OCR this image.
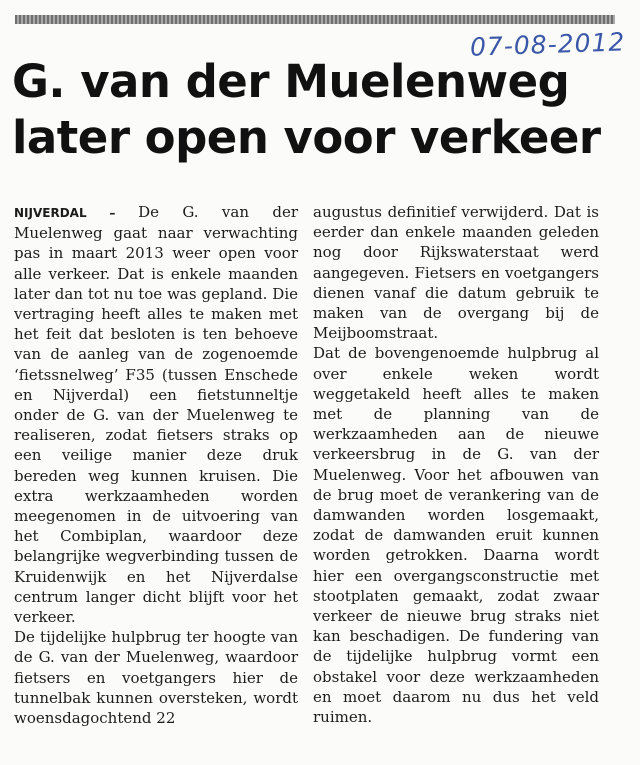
07-08-2012
G. van der Muelenweg
later open voor verkeer

NIJVERDAL – De G. van der Muelenweg gaat naar verwachting pas in maart 2013 weer open voor alle verkeer. Dat is enkele maanden later dan tot nu toe was gepland. Die vertraging heeft alles te maken met het feit dat besloten is ten behoeve van de aanleg van de zogenoemde ‘fietssnelweg’ F35 (tussen Enschede en Nijverdal) een fietstunneltje onder de G. van der Muelenweg te realiseren, zodat fietsers straks op een veilige manier deze druk bereden weg kunnen kruisen. Die extra werkzaamheden worden meegenomen in de uitvoering van het Combiplan, waardoor deze belangrijke wegverbinding tussen de Kruidenwijk en het Nijverdalse centrum langer dicht blijft voor het verkeer.

De tijdelijke hulpbrug ter hoogte van de G. van der Muelenweg, waardoor fietsers en voetgangers hier de tunnelbak kunnen oversteken, wordt woensdagochtend 22

augustus definitief verwijderd. Dat is eerder dan enkele maanden geleden nog door Rijkswaterstaat werd aangegeven. Fietsers en voetgangers dienen vanaf die datum gebruik te maken van de overgang bij de Meijboomstraat.

Dat de bovengenoemde hulpbrug al over enkele weken wordt weggetakeld heeft alles te maken met de planning van de werkzaamheden aan de nieuwe verkeersbrug in de G. van der Muelenweg. Voor het afbouwen van de brug moet de verankering van de damwanden worden losgemaakt, zodat de damwanden eruit kunnen worden getrokken. Daarna wordt hier een overgangsconstructie met stootplaten gemaakt, zodat zwaar verkeer de nieuwe brug straks niet kan beschadigen. De fundering van de tijdelijke hulpbrug vormt een obstakel voor deze werkzaamheden en moet daarom nu dus het veld ruimen.
